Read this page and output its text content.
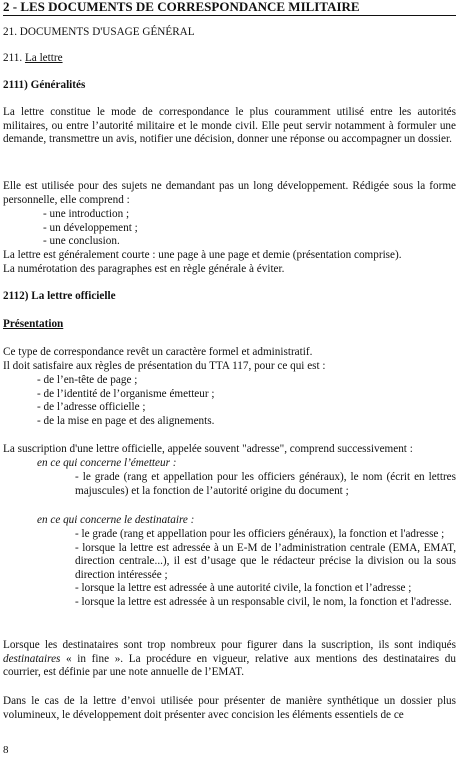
2 - LES DOCUMENTS DE CORRESPONDANCE MILITAIRE
21. DOCUMENTS D'USAGE GÉNÉRAL
211. La lettre
2111) Généralités
La lettre constitue le mode de correspondance le plus couramment utilisé entre les autorités militaires, ou entre l’autorité militaire et le monde civil. Elle peut servir notamment à formuler une demande, transmettre un avis, notifier une décision, donner une réponse ou accompagner un dossier.
Elle est utilisée pour des sujets ne demandant pas un long développement. Rédigée sous la forme personnelle, elle comprend :
- une introduction ;
- un développement ;
- une conclusion.
La lettre est généralement courte : une page à une page et demie (présentation comprise).
La numérotation des paragraphes est en règle générale à éviter.
2112) La lettre officielle
Présentation
Ce type de correspondance revêt un caractère formel et administratif.
Il doit satisfaire aux règles de présentation du TTA 117, pour ce qui est :
- de l’en-tête de page ;
- de l’identité de l’organisme émetteur ;
- de l’adresse officielle ;
- de la mise en page et des alignements.
La suscription d'une lettre officielle, appelée souvent "adresse", comprend successivement :
en ce qui concerne l’émetteur :
- le grade (rang et appellation pour les officiers généraux), le nom (écrit en lettres majuscules) et la fonction de l’autorité origine du document ;
en ce qui concerne le destinataire :
- le grade (rang et appellation pour les officiers généraux), la fonction et l'adresse ;
- lorsque la lettre est adressée à un E-M de l’administration centrale (EMA, EMAT, direction centrale...), il est d’usage que le rédacteur précise la division ou la sous direction intéressée ;
- lorsque la lettre est adressée à une autorité civile, la fonction et l’adresse ;
- lorsque la lettre est adressée à un responsable civil, le nom, la fonction et l'adresse.
Lorsque les destinataires sont trop nombreux pour figurer dans la suscription, ils sont indiqués destinataires « in fine ». La procédure en vigueur, relative aux mentions des destinataires du courrier, est définie par une note annuelle de l’EMAT.
Dans le cas de la lettre d’envoi utilisée pour présenter de manière synthétique un dossier plus volumineux, le développement doit présenter avec concision les éléments essentiels de ce
8
